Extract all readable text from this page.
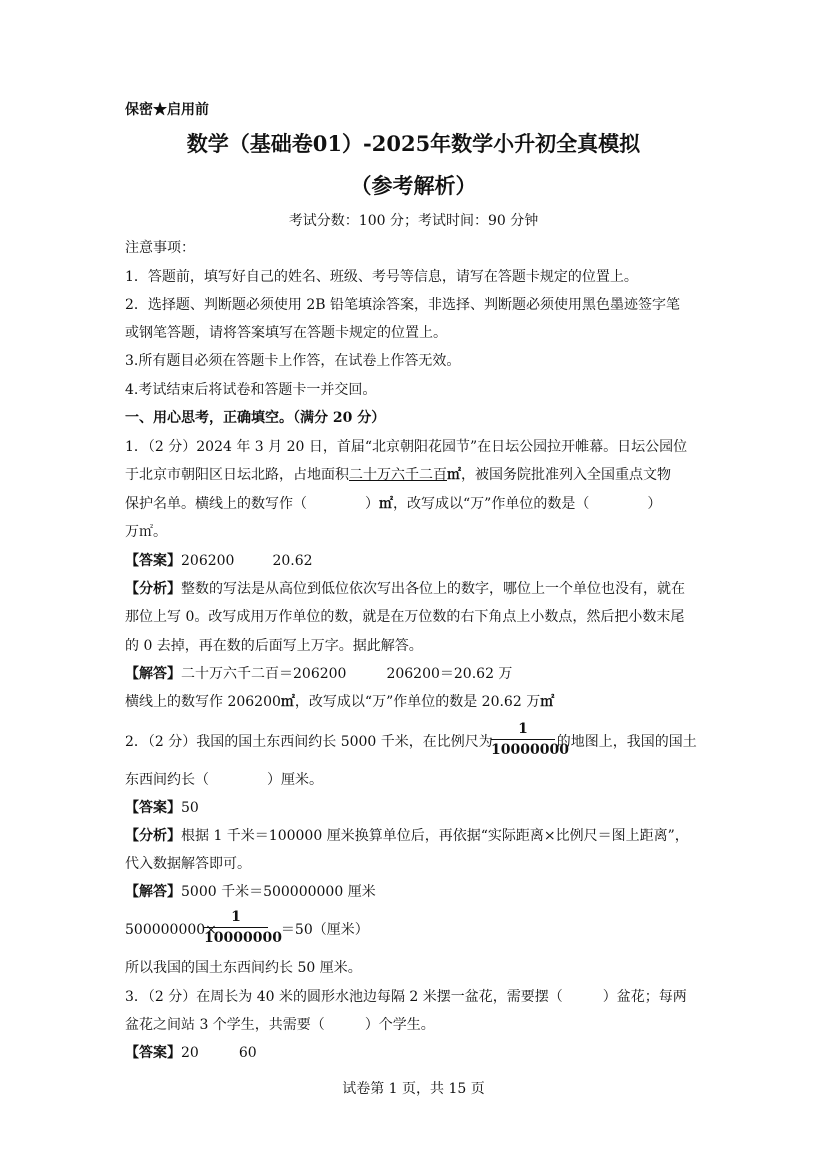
保密★启用前
数学（基础卷01）-2025年数学小升初全真模拟
（参考解析）
考试分数：100 分；考试时间：90 分钟
注意事项：
1．答题前，填写好自己的姓名、班级、考号等信息，请写在答题卡规定的位置上。
2．选择题、判断题必须使用 2B 铅笔填涂答案，非选择、判断题必须使用黑色墨迹签字笔
或钢笔答题，请将答案填写在答题卡规定的位置上。
3.所有题目必须在答题卡上作答，在试卷上作答无效。
4.考试结束后将试卷和答题卡一并交回。
一、用心思考，正确填空。（满分 20 分）
1．（2 分）2024 年 3 月 20 日，首届“北京朝阳花园节”在日坛公园拉开帷幕。日坛公园位
于北京市朝阳区日坛北路，占地面积二十万六千二百㎡，被国务院批准列入全国重点文物
保护名单。横线上的数写作（	）㎡，改写成以“万”作单位的数是（	）
万㎡。
【答案】206200	20.62
【分析】整数的写法是从高位到低位依次写出各位上的数字，哪位上一个单位也没有，就在
那位上写 0。改写成用万作单位的数，就是在万位数的右下角点上小数点，然后把小数末尾
的 0 去掉，再在数的后面写上万字。据此解答。
【解答】二十万六千二百＝206200	206200＝20.62 万
横线上的数写作 206200㎡，改写成以“万”作单位的数是 20.62 万㎡
2．（2 分）我国的国土东西间约长 5000 千米，在比例尺为	的地图上，我国的国土
1
10000000
东西间约长（	）厘米。
【答案】50
【分析】根据 1 千米＝100000 厘米换算单位后，再依据“实际距离×比例尺＝图上距离”，
代入数据解答即可。
【解答】5000 千米＝500000000 厘米
500000000×	＝50（厘米）
1
10000000
所以我国的国土东西间约长 50 厘米。
3．（2 分）在周长为 40 米的圆形水池边每隔 2 米摆一盆花，需要摆（	）盆花；每两
盆花之间站 3 个学生，共需要（	）个学生。
【答案】20	60
试卷第 1 页，共 15 页
